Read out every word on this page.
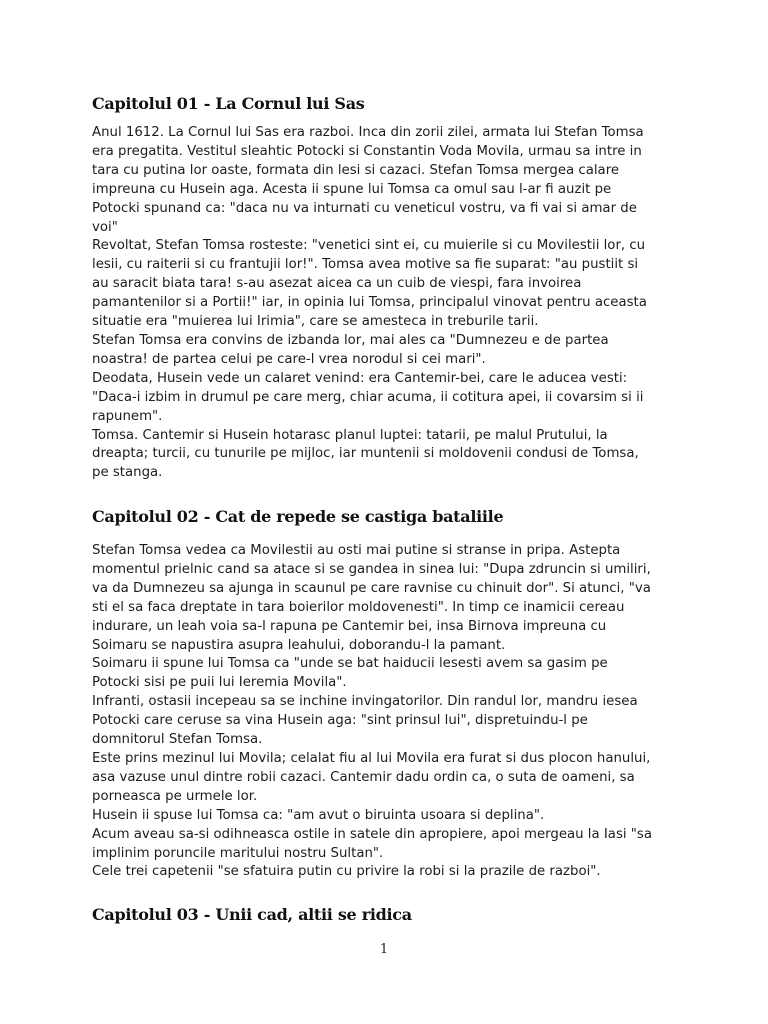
Capitolul 01 - La Cornul lui Sas
Anul 1612. La Cornul lui Sas era razboi. Inca din zorii zilei, armata lui Stefan Tomsa
era pregatita. Vestitul sleahtic Potocki si Constantin Voda Movila, urmau sa intre in
tara cu putina lor oaste, formata din lesi si cazaci. Stefan Tomsa mergea calare
impreuna cu Husein aga. Acesta ii spune lui Tomsa ca omul sau l-ar fi auzit pe
Potocki spunand ca: "daca nu va inturnati cu veneticul vostru, va fi vai si amar de
voi"
Revoltat, Stefan Tomsa rosteste: "venetici sint ei, cu muierile si cu Movilestii lor, cu
lesii, cu raiterii si cu frantujii lor!". Tomsa avea motive sa fie suparat: "au pustiit si
au saracit biata tara! s-au asezat aicea ca un cuib de viespi, fara invoirea
pamantenilor si a Portii!" iar, in opinia lui Tomsa, principalul vinovat pentru aceasta
situatie era "muierea lui Irimia", care se amesteca in treburile tarii.
Stefan Tomsa era convins de izbanda lor, mai ales ca "Dumnezeu e de partea
noastra! de partea celui pe care-l vrea norodul si cei mari".
Deodata, Husein vede un calaret venind: era Cantemir-bei, care le aducea vesti:
"Daca-i izbim in drumul pe care merg, chiar acuma, ii cotitura apei, ii covarsim si ii
rapunem".
Tomsa. Cantemir si Husein hotarasc planul luptei: tatarii, pe malul Prutului, la
dreapta; turcii, cu tunurile pe mijloc, iar muntenii si moldovenii condusi de Tomsa,
pe stanga.
Capitolul 02 - Cat de repede se castiga bataliile
Stefan Tomsa vedea ca Movilestii au osti mai putine si stranse in pripa. Astepta
momentul prielnic cand sa atace si se gandea in sinea lui: "Dupa zdruncin si umiliri,
va da Dumnezeu sa ajunga in scaunul pe care ravnise cu chinuit dor". Si atunci, "va
sti el sa faca dreptate in tara boierilor moldovenesti". In timp ce inamicii cereau
indurare, un leah voia sa-l rapuna pe Cantemir bei, insa Birnova impreuna cu
Soimaru se napustira asupra leahului, doborandu-l la pamant.
Soimaru ii spune lui Tomsa ca "unde se bat haiducii lesesti avem sa gasim pe
Potocki sisi pe puii lui Ieremia Movila".
Infranti, ostasii incepeau sa se inchine invingatorilor. Din randul lor, mandru iesea
Potocki care ceruse sa vina Husein aga: "sint prinsul lui", dispretuindu-l pe
domnitorul Stefan Tomsa.
Este prins mezinul lui Movila; celalat fiu al lui Movila era furat si dus plocon hanului,
asa vazuse unul dintre robii cazaci. Cantemir dadu ordin ca, o suta de oameni, sa
porneasca pe urmele lor.
Husein ii spuse lui Tomsa ca: "am avut o biruinta usoara si deplina".
Acum aveau sa-si odihneasca ostile in satele din apropiere, apoi mergeau la Iasi "sa
implinim poruncile maritului nostru Sultan".
Cele trei capetenii "se sfatuira putin cu privire la robi si la prazile de razboi".
Capitolul 03 - Unii cad, altii se ridica
1
